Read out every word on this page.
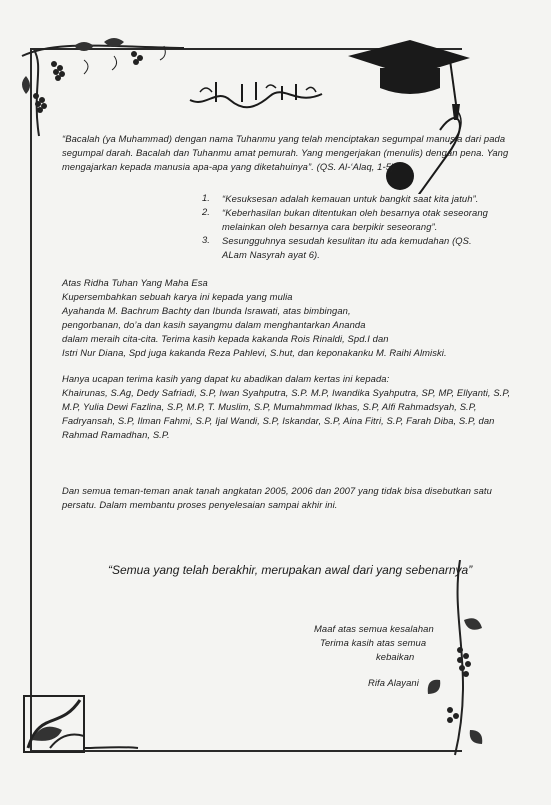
“Bacalah (ya Muhammad) dengan nama Tuhanmu yang telah menciptakan segumpal manusia dari pada
segumpal darah. Bacalah dan Tuhanmu amat pemurah. Yang mengerjakan (menulis) dengan pena. Yang
mengajarkan kepada manusia apa-apa yang diketahuinya”. (QS. Al-‘Alaq, 1-5).
1. “Kesuksesan adalah kemauan untuk bangkit saat kita jatuh”.
2. “Keberhasilan bukan ditentukan oleh besarnya otak seseorang
melainkan oleh besarnya cara berpikir seseorang”.
3. Sesungguhnya sesudah kesulitan itu ada kemudahan (QS.
ALam Nasyrah ayat 6).
Atas Ridha Tuhan Yang Maha Esa
Kupersembahkan sebuah karya ini kepada yang mulia
Ayahanda M. Bachrum Bachty dan Ibunda Israwati, atas bimbingan,
pengorbanan, do’a dan kasih sayangmu dalam menghantarkan Ananda
dalam meraih cita-cita. Terima kasih kepada kakanda Rois Rinaldi, Spd.I dan
Istri Nur Diana, Spd juga kakanda Reza Pahlevi, S.hut, dan keponakanku M. Raihi Almiski.
Hanya ucapan terima kasih yang dapat ku abadikan dalam kertas ini kepada:
Khairunas, S.Ag, Dedy Safriadi, S.P, Iwan Syahputra, S.P. M.P, Iwandika Syahputra, SP, MP, Ellyanti, S.P,
M.P, Yulia Dewi Fazlina, S.P, M.P, T. Muslim, S.P, Mumahmmad Ikhas, S.P, Alfi Rahmadsyah, S.P,
Fadryansah, S.P, Ilman Fahmi, S.P, Ijal Wandi, S.P, Iskandar, S.P, Aina Fitri, S.P, Farah Diba, S.P, dan
Rahmad Ramadhan, S.P.
Dan semua teman-teman anak tanah angkatan 2005, 2006 dan 2007 yang tidak bisa disebutkan satu
persatu. Dalam membantu proses penyelesaian sampai akhir ini.
“Semua yang telah berakhir, merupakan awal dari yang sebenarnya”
Maaf atas semua kesalahan
Terima kasih atas semua
kebaikan
Rifa Alayani
